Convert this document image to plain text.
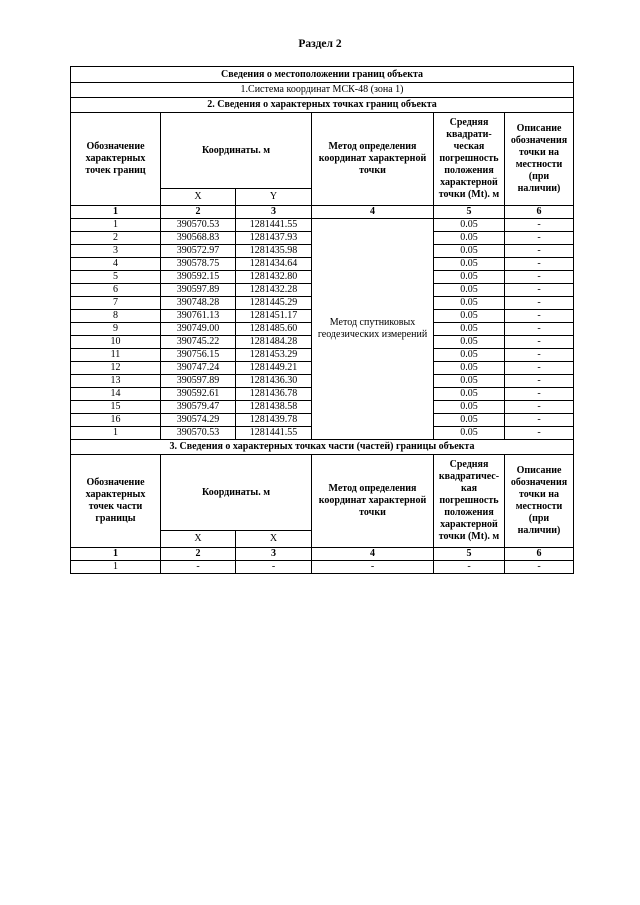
Раздел 2
Сведения о местоположении границ объекта					
1.Система координат МСК-48 (зона 1)					
2. Сведения о характерных точках границ объекта					
Обозначение характерных точек границ	Координаты. м		Метод определения координат характерной точки	Средняя квадрати- ческая погрешность положения характерной точки (Mt). м	Описание обозначения точки на местности (при наличии)
	X	Y			
1	2	3	4	5	6
1	390570.53	1281441.55	Метод спутниковых геодезических измерений	0.05	-
2	390568.83	1281437.93		0.05	-
3	390572.97	1281435.98		0.05	-
4	390578.75	1281434.64		0.05	-
5	390592.15	1281432.80		0.05	-
6	390597.89	1281432.28		0.05	-
7	390748.28	1281445.29		0.05	-
8	390761.13	1281451.17		0.05	-
9	390749.00	1281485.60		0.05	-
10	390745.22	1281484.28		0.05	-
11	390756.15	1281453.29		0.05	-
12	390747.24	1281449.21		0.05	-
13	390597.89	1281436.30		0.05	-
14	390592.61	1281436.78		0.05	-
15	390579.47	1281438.58		0.05	-
16	390574.29	1281439.78		0.05	-
1	390570.53	1281441.55		0.05	-
3. Сведения о характерных точках части (частей) границы объекта					
Обозначение характерных точек части границы	Координаты. м		Метод определения координат характерной точки	Средняя квадратичес- кая погрешность положения характерной точки (Mt). м	Описание обозначения точки на местности (при наличии)
	X	X			
1	2	3	4	5	6
1	-	-	-	-	-
